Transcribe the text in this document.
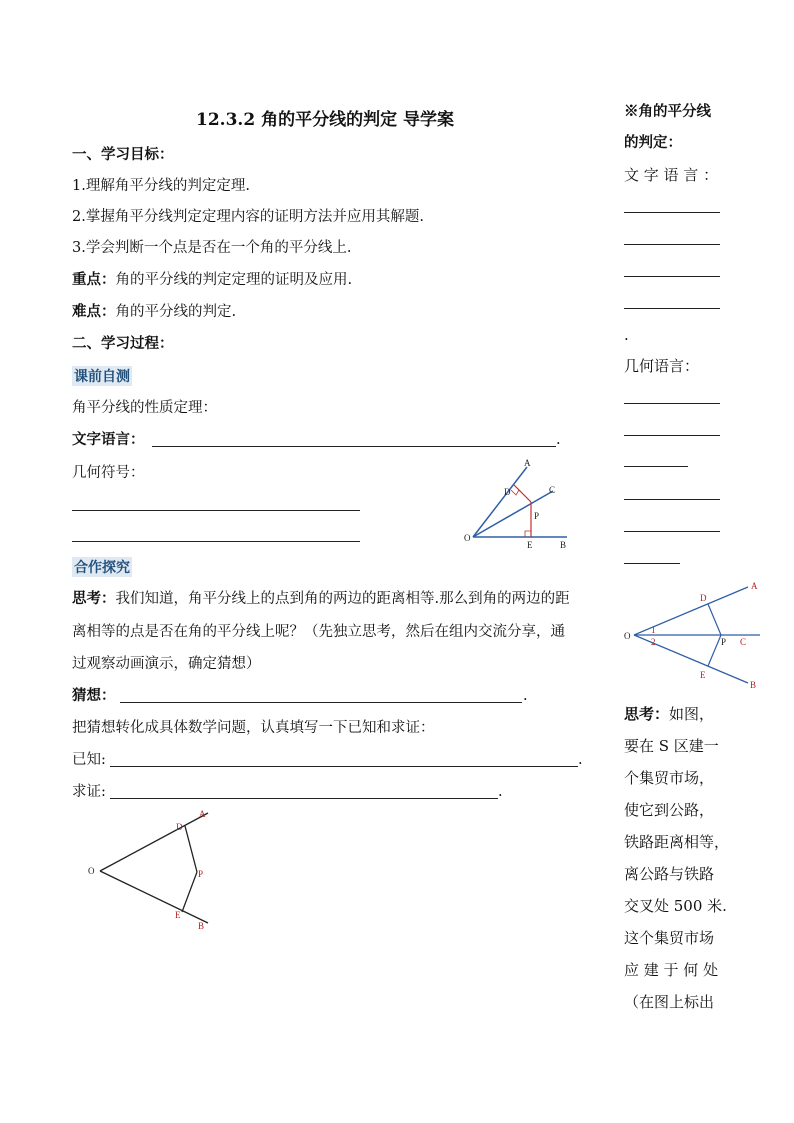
12.3.2 角的平分线的判定 导学案
一、学习目标：
1.理解角平分线的判定定理.
2.掌握角平分线判定定理内容的证明方法并应用其解题.
3.学会判断一个点是否在一个角的平分线上.
重点：角的平分线的判定定理的证明及应用.
难点：角的平分线的判定.
二、学习过程：
课前自测
角平分线的性质定理：
文字语言：	.
几何符号：
O
A
D	C
P
E	B
合作探究
思考：我们知道，角平分线上的点到角的两边的距离相等.那么到角的两边的距
离相等的点是否在角的平分线上呢？（先独立思考，然后在组内交流分享，通
过观察动画演示，确定猜想）
猜想：	.
把猜想转化成具体数学问题，认真填写一下已知和求证：
已知:	.
求证:	.
O
A
D
P
E
B
※角的平分线
的判定：
文 字 语 言 ：
.
几何语言：
O
1
2
A
D
P C
E
B
思考：如图，
要在 S 区建一
个集贸市场，
使它到公路，
铁路距离相等，
离公路与铁路
交叉处 500 米.
这个集贸市场
应 建 于 何 处
（在图上标出
